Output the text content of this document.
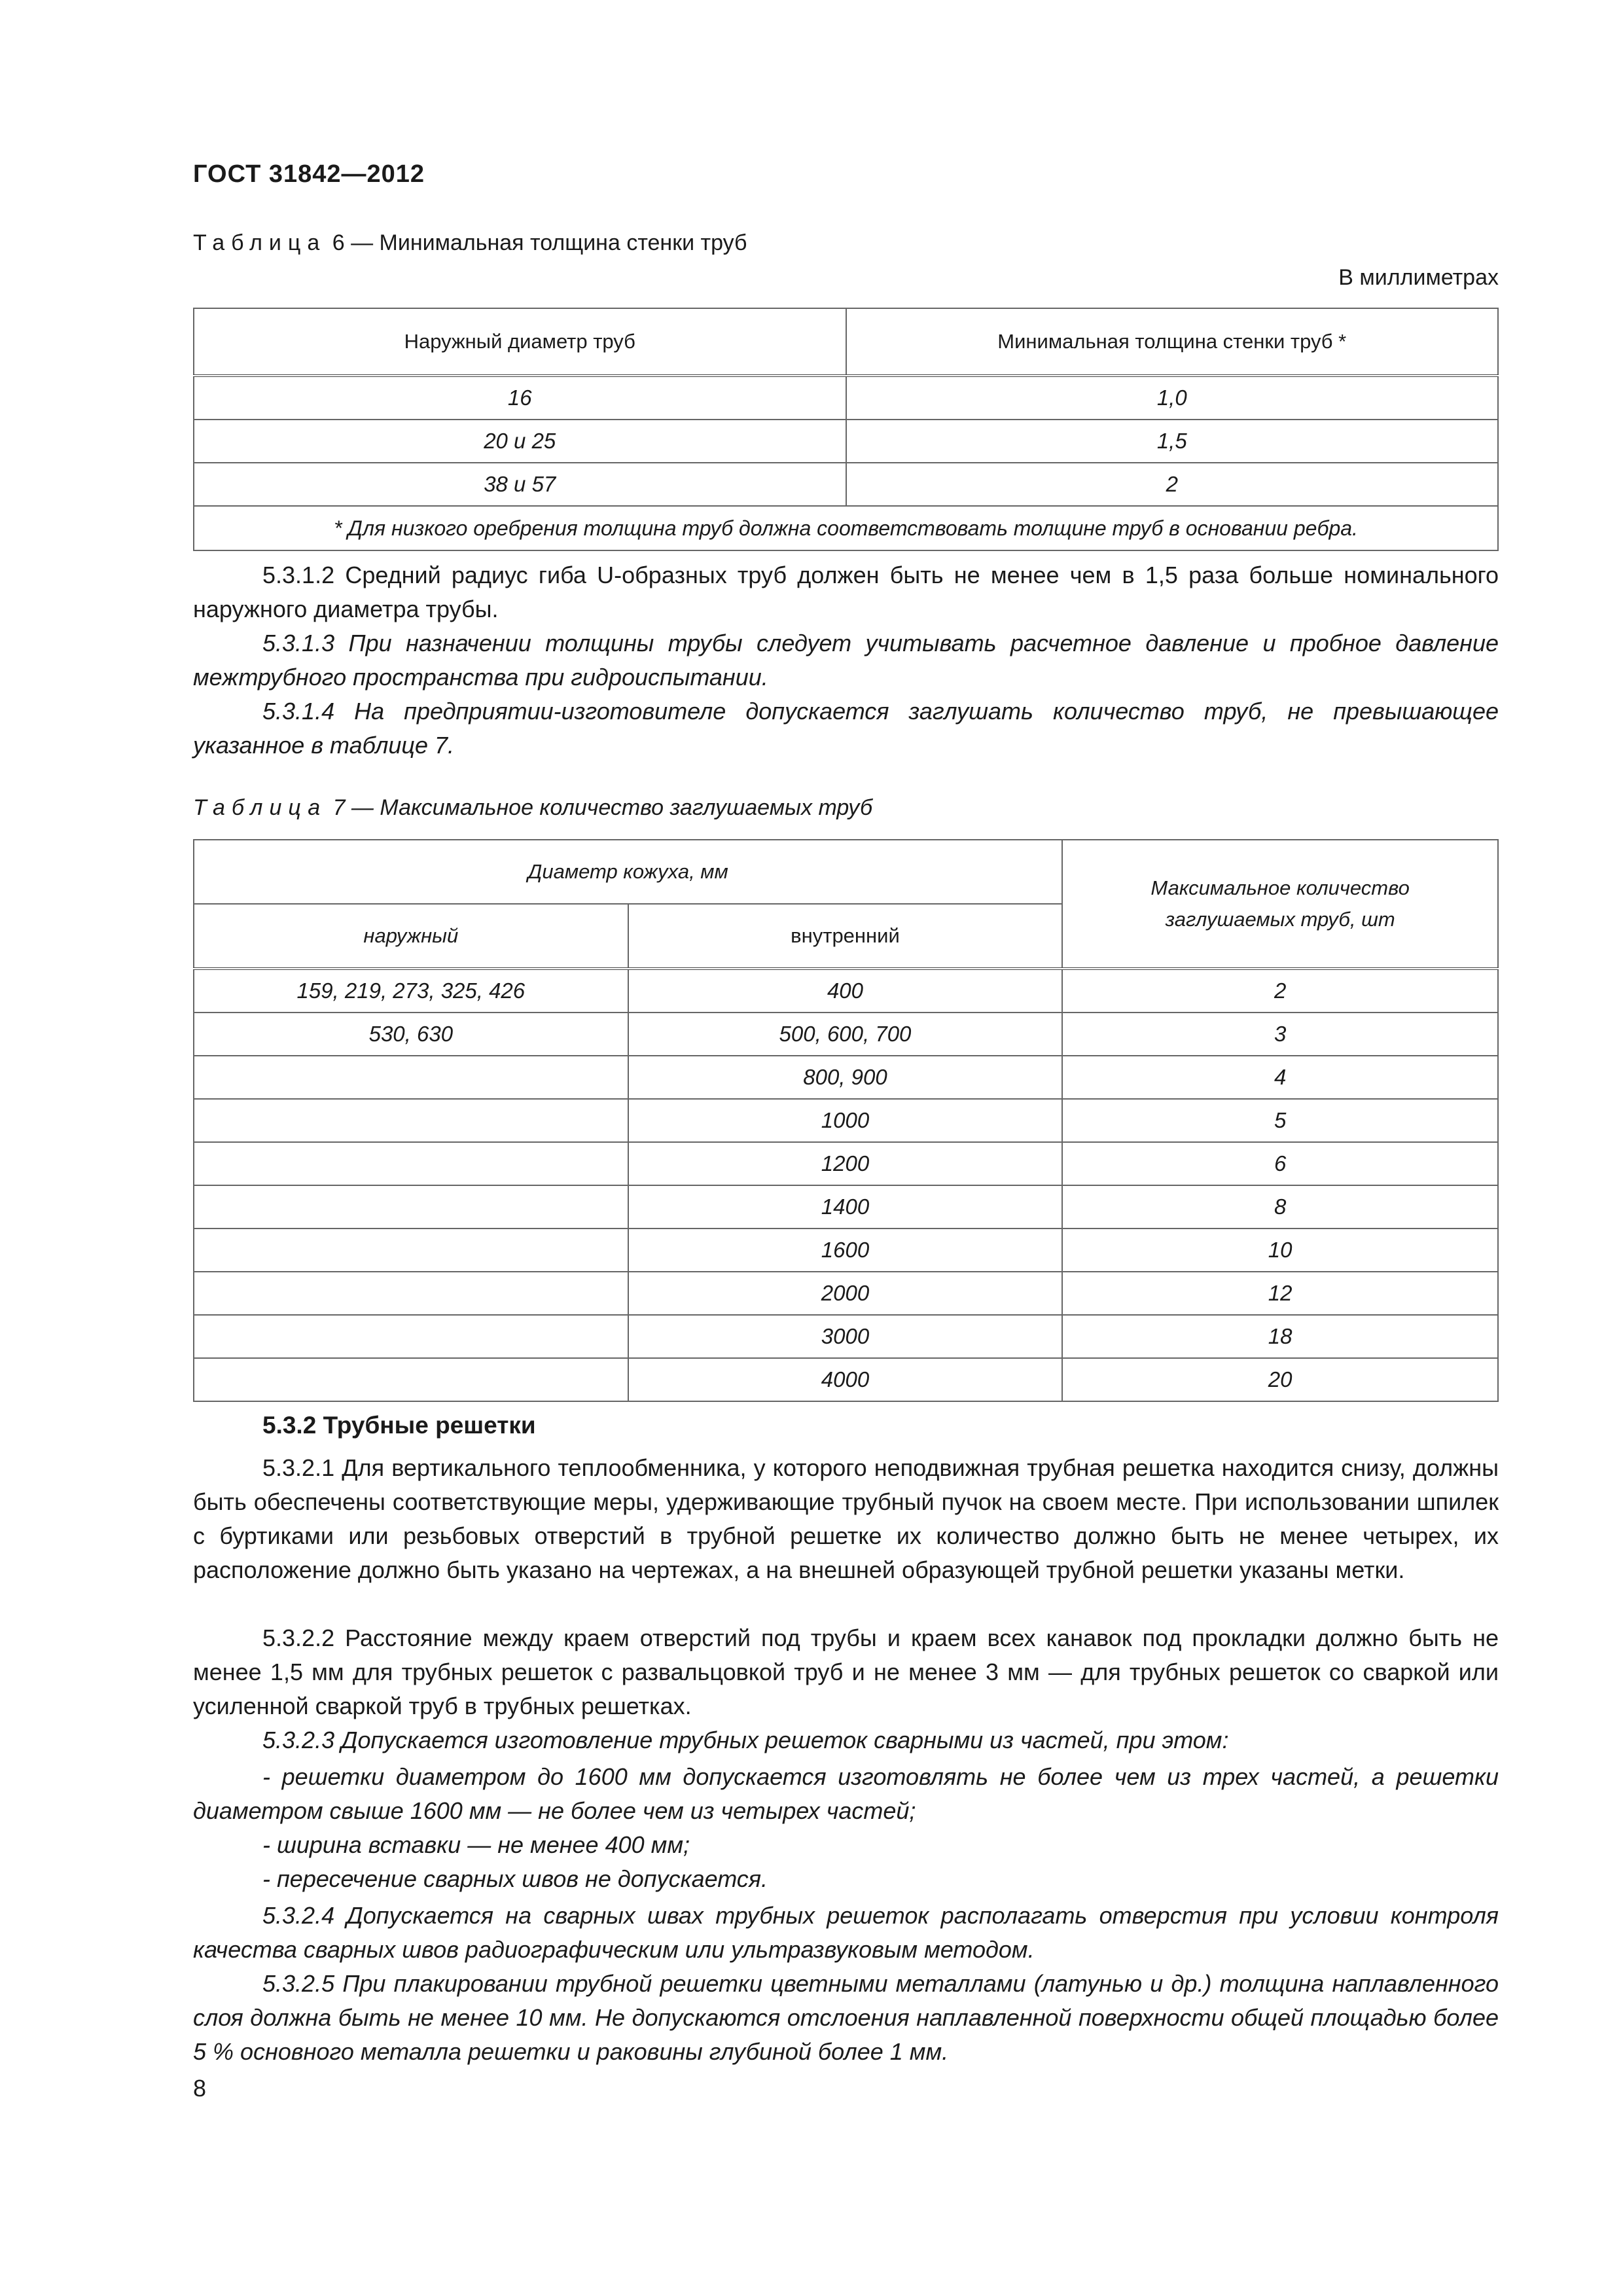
ГОСТ 31842—2012
Таблица 6 — Минимальная толщина стенки труб
В миллиметрах
Наружный диаметр труб	Минимальная толщина стенки труб *
16	1,0
20 и 25	1,5
38 и 57	2
* Для низкого оребрения толщина труб должна соответствовать толщине труб в основании ребра.	
5.3.1.2 Средний радиус гиба U-образных труб должен быть не менее чем в 1,5 раза больше номинального наружного диаметра трубы.
5.3.1.3 При назначении толщины трубы следует учитывать расчетное давление и пробное давление межтрубного пространства при гидроиспытании.
5.3.1.4 На предприятии-изготовителе допускается заглушать количество труб, не превышающее указанное в таблице 7.
Таблица 7 — Максимальное количество заглушаемых труб
Диаметр кожуха, мм		Максимальное количество заглушаемых труб, шт
наружный	внутренний	
159, 219, 273, 325, 426	400	2
530, 630	500, 600, 700	3
	800, 900	4
	1000	5
	1200	6
	1400	8
	1600	10
	2000	12
	3000	18
	4000	20
5.3.2 Трубные решетки
5.3.2.1 Для вертикального теплообменника, у которого неподвижная трубная решетка находится снизу, должны быть обеспечены соответствующие меры, удерживающие трубный пучок на своем месте. При использовании шпилек с буртиками или резьбовых отверстий в трубной решетке их количество должно быть не менее четырех, их расположение должно быть указано на чертежах, а на внешней образующей трубной решетки указаны метки.
5.3.2.2 Расстояние между краем отверстий под трубы и краем всех канавок под прокладки должно быть не менее 1,5 мм для трубных решеток с развальцовкой труб и не менее 3 мм — для трубных решеток со сваркой или усиленной сваркой труб в трубных решетках.
5.3.2.3 Допускается изготовление трубных решеток сварными из частей, при этом:
- решетки диаметром до 1600 мм допускается изготовлять не более чем из трех частей, а решетки диаметром свыше 1600 мм — не более чем из четырех частей;
- ширина вставки — не менее 400 мм;
- пересечение сварных швов не допускается.
5.3.2.4 Допускается на сварных швах трубных решеток располагать отверстия при условии контроля качества сварных швов радиографическим или ультразвуковым методом.
5.3.2.5 При плакировании трубной решетки цветными металлами (латунью и др.) толщина наплавленного слоя должна быть не менее 10 мм. Не допускаются отслоения наплавленной поверхности общей площадью более 5 % основного металла решетки и раковины глубиной более 1 мм.
8
